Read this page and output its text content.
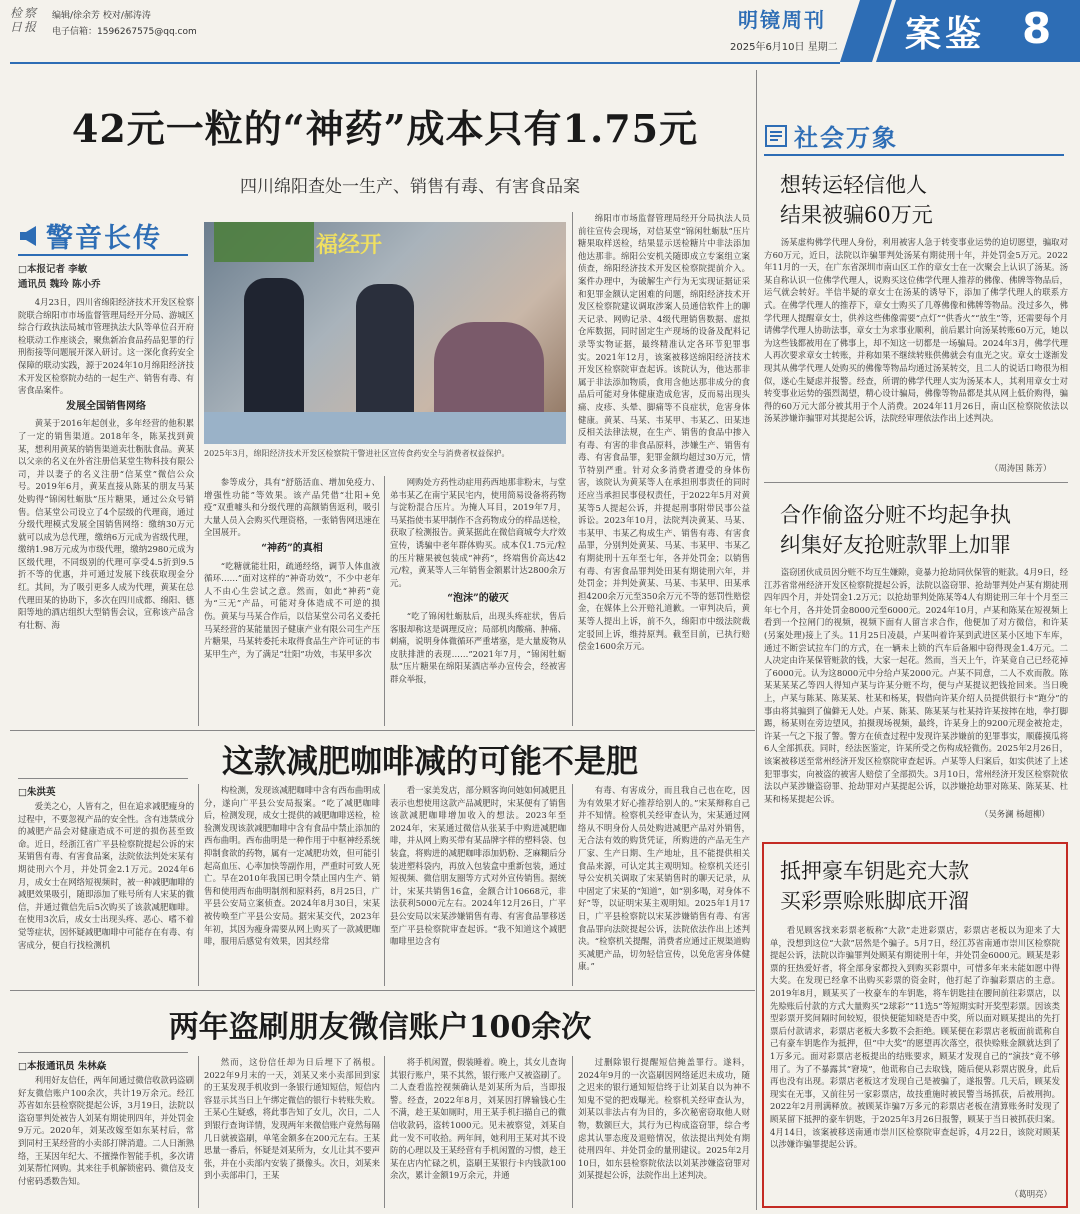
检察日报
编辑/徐余芳 校对/郝涛涛
电子信箱：1596267575@qq.com	明镜周刊
2025年6月10日 星期二 案鉴 8
42元一粒的“神药”成本只有1.75元
四川绵阳查处一生产、销售有毒、有害食品案
警音长传
□本报记者 李敏
通讯员 魏玲 陈小乔
福经开
2025年3月，绵阳经济技术开发区检察院干警进社区宣传食药安全与消费者权益保护。

4月23日，四川省绵阳经济技术开发区检察院联合绵阳市市场监督管理局经开分局、游城区综合行政执法局城市管理执法大队等单位召开府检联动工作座谈会，聚焦新冶食品药品犯罪的行刑衔接等问题展开深入研讨。这一深化食药安全保障的联动实践，源于2024年10月绵阳经济技术开发区检察院办结的一起生产、销售有毒、有害食品案件。

发展全国销售网络

黄某于2016年起创业，多年经营的他积累了一定的销售渠道。2018年冬，陈某找到黄某，想利用黄某的销售渠道卖壮粝肽食品。黄某以父亲的名义在外省注册信某堂生物科技有限公司，并以妻子的名义注册“信某堂”微信公众号。2019年6月，黄某直接从陈某的朋友马某处购得“锦闲牡蛎肽”压片糖果，通过公众号销售。信某堂公司设立了4个层级的代理商，通过分级代理模式发展全国销售网络：缴纳30万元就可以成为总代理，缴纳6万元成为省级代理，缴纳1.98万元成为市级代理，缴纳2980元成为区级代理，不同级别的代理可享受4.5折到9.5折不等的优惠，并可通过发展下线获取现金分红。其间，为了吸引更多人成为代理，黄某在总代理田某的协助下，多次在四川成都、绵阳、德阳等地的酒店组织大型销售会议，宣称该产品含有壮粝、海

参等成分，具有“舒筋活血、增加免疫力、增强性功能”等效果。该产品凭借“壮阳+免疫”双重噱头和分级代理的高额销售返利，吸引大量人员入会购买代理资格，一张销售网迅速在全国展开。

“神药”的真相

“吃糖就能壮阳，疏通经络，调节人体血液循环……”面对这样的“神奇功效”，不少中老年人不由心生尝试之意。然而，如此“神药”竟为“三无”产品，可能对身体造成不可逆的损伤。黄某与马某合作后，以信某堂公司名义委托马某经营的某能量因子健康产业有限公司生产压片糖果，马某转委托未取得食品生产许可证的韦某甲生产，为了满足“壮阳”功效，韦某甲多次

网购处方药性动症用药西地那非粉末，与堂弟韦某乙在南宁某民宅内，使用简易设备将药物与淀粉混合压片。为掩人耳目，2019年7月，马某指使韦某甲制作不含药物成分的样品送检，获取了检测报告。黄某据此在微信商城夸大疗效宣传，诱骗中老年群体购买。成本仅1.75元/粒的压片糖果被包装成“神药”，终端售价高达42元/粒，黄某等人三年销售金额累计达2800余万元。

“泡沫”的破灭

“吃了锦闲牡蛎肽后，出现头疼症状，售后客服却称这是调理反应；局部机肉酸痛、肿痛、刺痛，说明身体微循环严重堵塞，是大量废物从皮肤排泄的表现……”2021年7月，“锦闲牡蛎肽”压片糖果在绵阳某酒店举办宣传会，经被害群众举报，

绵阳市市场监督管理局经开分局执法人员前往宣传会现场，对信某堂“锦闲牡蛎肽”压片糖果取样送检，结果显示送检糖片中非法添加他达那非。绵阳公安机关随即成立专案组立案侦查，绵阳经济技术开发区检察院提前介入。案件办理中，为破解生产行为无实现证据证采和犯罪金额认定困难的问题，绵阳经济技术开发区检察院建议调取涉案人员通信软件上的聊天记录、网购记录、4级代理销售数据、虚拟仓库数据，同时固定生产现场的设备及配料记录等实物证据，最终精准认定各环节犯罪事实。2021年12月，该案被移送绵阳经济技术开发区检察院审查起诉。该院认为，他达那非属于非法添加物质，食用含他达那非成分的食品后可能对身体健康造成危害，反而易出现头痛、皮疹、头晕、脚痛等不良症状，危害身体健康。黄某、马某、韦某甲、韦某乙、田某违反相关法律法规，在生产、销售的食品中掺入有毒、有害的非食品原料，涉嫌生产、销售有毒、有害食品罪，犯罪金额均超过30万元，情节特别严重。针对众多消费者遭受的身体伤害，该院认为黄某等人在承担刑事责任的同时还应当承担民事侵权责任，于2022年5月对黄某等5人提起公诉，并提起刑事附带民事公益诉讼。2023年10月，法院判决黄某、马某、韦某甲、韦某乙构成生产、销售有毒、有害食品罪，分别判处黄某、马某、韦某甲、韦某乙有期徒刑十五年至七年，各并处罚金；以销售有毒、有害食品罪判处田某有期徒刑六年，并处罚金；并判处黄某、马某、韦某甲、田某承担4200余万元至350余万元不等的惩罚性赔偿金，在媒体上公开赔礼道歉。一审判决后，黄某等人提出上诉，前不久，绵阳市中级法院裁定驳回上诉，维持原判。截至目前，已执行赔偿金1600余万元。

这款减肥咖啡减的可能不是肥
□朱洪英

爱美之心，人皆有之，但在追求减肥瘦身的过程中，不要忽视产品的安全性。含有违禁成分的减肥产品会对健康造成不可逆的损伤甚至致命。近日，经浙江省广平县检察院提起公诉的宋某销售有毒、有害食品案，法院依法判处宋某有期徒刑六个月，并处罚金2.1万元。2024年6月，成女士在网络短视频时，被一种减肥咖啡的减肥效果吸引，随即添加了账号所有人宋某的微信，并通过微信先后5次购买了该款减肥咖啡。在使用3次后，成女士出现头疼、恶心、嗜不着觉等症状，因怀疑减肥咖啡中可能存在有毒、有害成分，便自行找检测机

构检测，发现该减肥咖啡中含有西布曲明成分，遂向广平县公安局报案。“吃了减肥咖啡后，检测发现，成女士提供的减肥咖啡送检，检验测发现该款减肥咖啡中含有食品中禁止添加的西布曲明。西布曲明是一种作用于中枢神经系统抑制食欲的药物，属有一定减肥功效，但可能引起高血压、心率加快等副作用，严重时可致人死亡。早在2010年我国已明令禁止国内生产、销售和使用西布曲明制剂和原料药，8月25日，广平县公安局立案侦查。2024年8月30日，宋某被传唤至广平县公安局。据宋某交代，2023年年初，其因为瘦身需要从网上购买了一款减肥咖啡，服用后感觉有效果，因其经常

看一家美发店，部分顾客询问她如何减肥且表示也想使用这款产品减肥时，宋某便有了销售该款减肥咖啡增加收入的想法。2023年至2024年，宋某通过微信从张某手中购进减肥咖啡，并从网上购买带有某品牌字样的塑料袋、包装盒，将购进的减肥咖啡添加奶粉、芝麻糊后分装进塑料袋内，再放入包装盒中重新包装，通过短视频、微信朋友圈等方式对外宣传销售。据统计，宋某共销售16盒，金额合计10668元，非法获利5000元左右。2024年12月26日，广平县公安局以宋某涉嫌销售有毒、有害食品罪移送至广平县检察院审查起诉。“我不知道这个减肥咖啡里边含有

有毒、有害成分，而且我自己也在吃，因为有效果才好心推荐给别人的。”宋某辩称自己并不知情。检察机关经审查认为，宋某通过网络从不明身份人员处购进减肥产品对外销售，无合法有效的购货凭证，所购进的产品无生产厂家、生产日期、生产地址，且不能提供相关食品来源，可认定其主观明知。检察机关还引导公安机关调取了宋某销售时的聊天记录，从中固定了宋某的“知道”，如“别多喝，对身体不好”等，以证明宋某主观明知。2025年1月17日，广平县检察院以宋某涉嫌销售有毒、有害食品罪向法院提起公诉，法院依法作出上述判决。“检察机关提醒，消费者应通过正规渠道购买减肥产品，切勿轻信宣传，以免危害身体健康。”

两年盗刷朋友微信账户100余次
□本报通讯员 朱林焱

利用好友信任，两年间通过微信收款码盗刷好友微信账户100余次，共计19万余元。经江苏省如东县检察院提起公诉，3月19日，法院以盗窃罪判处被告人刘某有期徒刑四年，并处罚金9万元。2020年，刘某改嫁至如东某村后，常到同村王某经营的小卖部打牌消遣。二人日渐熟络，王某因年纪大、不擅操作智能手机，多次请刘某帮忙网购。其来往手机解锁密码、微信及支付密码悉数告知。

然而，这份信任却为日后埋下了祸根。2022年9月末的一天，刘某又来小卖部回到家的王某发现手机收到一条银行通知短信，短信内容显示其当日上午绑定微信的银行卡转账失败。王某心生疑惑，将此事告知了女儿，次日，二人到银行查询详情，发现两年来微信账户竟然每隔几日就被盗刷，单笔金额多在200元左右。王某思量一番后，怀疑是刘某所为，女儿让其不要声张，并在小卖部内安装了摄像头。次日，刘某来到小卖部串门，王某

将手机闲置，假装睡着。晚上，其女儿查询其银行账户，果不其然，银行账户又被盗刷了。二人查看监控视频确认是刘某所为后，当即报警。经查，2022年8月，刘某因打牌输钱心生不满，趁王某如厕时，用王某手机扫描自己的微信收款码，盗转1000元。见未被察觉，刘某自此一发不可收拾。两年间，她利用王某对其不设防的心理以及王某经营有手机闲置的习惯，趁王某在店内忙碌之机，盗刷王某银行卡内钱款100余次，累计金额19万余元，并通

过删除银行提醒短信掩盖罪行。遂料，2024年9月的一次盗刷因网络延迟未成功，随之迟来的银行通知短信终于让刘某自以为神不知鬼不觉的把戏曝光。检察机关经审查认为，刘某以非法占有为目的，多次秘密窃取他人财物，数额巨大，其行为已构成盗窃罪，综合考虑其认罪态度及退赔情况，依法提出判处有期徒刑四年、并处罚金的量刑建议。2025年2月10日，如东县检察院依法以刘某涉嫌盗窃罪对刘某提起公诉，法院作出上述判决。

社会万象
想转运轻信他人
结果被骗60万元

汤某虚构佛学代理人身份，利用被害人急于转变事业运势的迫切愿望，骗取对方60万元，近日，法院以诈骗罪判处汤某有期徒刑十年，并处罚金5万元。2022年11月的一天，在广东省深圳市南山区工作的章女士在一次聚会上认识了汤某。汤某自称认识一位佛学代理人，说购买这位佛学代理人推荐的佛像、佛牌等物品后，运气就会转好。半信半疑的章女士在汤某的诱导下，添加了佛学代理人的联系方式。在佛学代理人的推荐下，章女士购买了几尊佛像和佛牌等物品。没过多久，佛学代理人提醒章女士，供养这些佛像需要“点灯”“供香火”“放生”等，还需要每个月请佛学代理人协助法事，章女士为求事业顺利，前后累计向汤某转账60万元，她以为这些钱都被用在了佛事上，却不知这一切都是一场骗局。2024年3月，佛学代理人再次要求章女士转账，并称如果不继续转账供佛就会有血光之灾。章女士遂渐发现其从佛学代理人处购买的佛像等物品均通过汤某转交，且二人的说话口吻很为相似，遂心生疑虑并报警。经查，所谓的佛学代理人实为汤某本人，其利用章女士对转变事业运势的强烈渴望，精心设计骗局，佛像等物品都是其从网上低价购得，骗得的60万元大部分被其用于个人消费。2024年11月26日，南山区检察院依法以汤某涉嫌诈骗罪对其提起公诉，法院经审理依法作出上述判决。

（周涛国 陈芳）
合作偷盗分赃不均起争执
纠集好友抢赃款罪上加罪

盗窃团伙成员因分赃不均互生嫌隙，竟暴力抢劫同伙保管的赃款。4月9日，经江苏省常州经济开发区检察院提起公诉，法院以盗窃罪、抢劫罪判处卢某有期徒刑四年四个月，并处罚金1.2万元；以抢劫罪判处陈某等4人有期徒刑三年十个月至三年七个月，各并处罚金8000元至6000元。2024年10月，卢某和陈某在短视频上看到一个拉闸门的视频，视频下面有人留言求合作，他便加了对方微信，和许某(另案处理)接上了头。11月25日凌晨，卢某叫着许某到武进区某小区地下车库，通过不断尝试拉车门的方式，在一辆未上锁的汽车后备厢中窃得现金1.4万元。二人决定由许某保管赃款的钱，大家一起花。然而，当天上午，许某竟自己已经花掉了6000元。认为这8000元中分给卢某2000元。卢某不同意，二人不欢而散。陈某某某某乙等四人得知卢某与许某分赃不均，便与卢某提议把钱抢回来。当日晚上，卢某与陈某、陈某某、杜某和杨某，假借向许某介绍人员提供银行卡“跑分”的事由将其骗到了偏僻无人处。卢某、陈某、陈某某与杜某持许某按摔在地，拳打脚踢，杨某则在旁边望风，拍摄现场视频，最终，许某身上的9200元现金被抢走，许某一气之下报了警。警方在侦查过程中发现许某涉嫌前的犯罪事实，顺藤摸瓜将6人全部抓获。同时，经法医鉴定，许某所受之伤构成轻微伤。2025年2月26日，该案被移送至常州经济开发区检察院审查起诉。卢某等人归案后，如实供述了上述犯罪事实，向被盗的被害人赔偿了全部损失。3月10日，常州经济开发区检察院依法以卢某涉嫌盗窃罪、抢劫罪对卢某提起公诉，以涉嫌抢劫罪对陈某、陈某某、杜某和杨某提起公诉。

（吴务澜 杨超柳）
抵押豪车钥匙充大款
买彩票赊账脚底开溜

看见顾客找来彩票老板称“大款”走进彩票店，彩票店老板以为迎来了大单，没想到这位“大款”居然是个骗子。5月7日，经江苏省南通市崇川区检察院提起公诉，法院以诈骗罪判处顾某有期徒刑十年，并处罚金6000元。顾某是彩票的狂热爱好者，将全部身家都投入到购买彩票中，可惜多年来未能如愿中得大奖。在发现已经拿不出购买彩票的资金时，他打起了诈骗彩票店的主意。2019年8月，顾某买了一枚豪车的车钥匙，将车钥匙挂在腰间前往彩票店，以先赊账后付款的方式大量购买“2球彩”“11选5”等短期实时开奖型彩票。因该类型彩票开奖间隔时间较短，很快便能知晓是否中奖，所以面对顾某提出的先打票后付款请求，彩票店老板大多数不会拒绝。顾某便在彩票店老板面前谎称自己有豪车钥匙作为抵押，但“中大奖”的愿望再次落空，很快赊账金额就达到了1万多元。面对彩票店老板提出的结账要求，顾某才发现自己的“演技”竟不够用了。为了不暴露其“窘境”，他谎称自己去取钱，随后便从彩票店脱身，此后再也没有出现。彩票店老板这才发现自己是被骗了，遂报警。几天后，顾某发现实在无事，又前往另一家彩票店，故技重施时被民警当场抓获，后被刑拘。2022年2月刑满释放。被顾某诈骗7万多元的彩票店老板在清算账务时发现了顾某留下抵押的豪车钥匙，于2025年3月26日报警，顾某于当日被抓获归案。4月14日，该案被移送南通市崇川区检察院审查起诉，4月22日，该院对顾某以涉嫌诈骗罪提起公诉。

（葛明亮）
